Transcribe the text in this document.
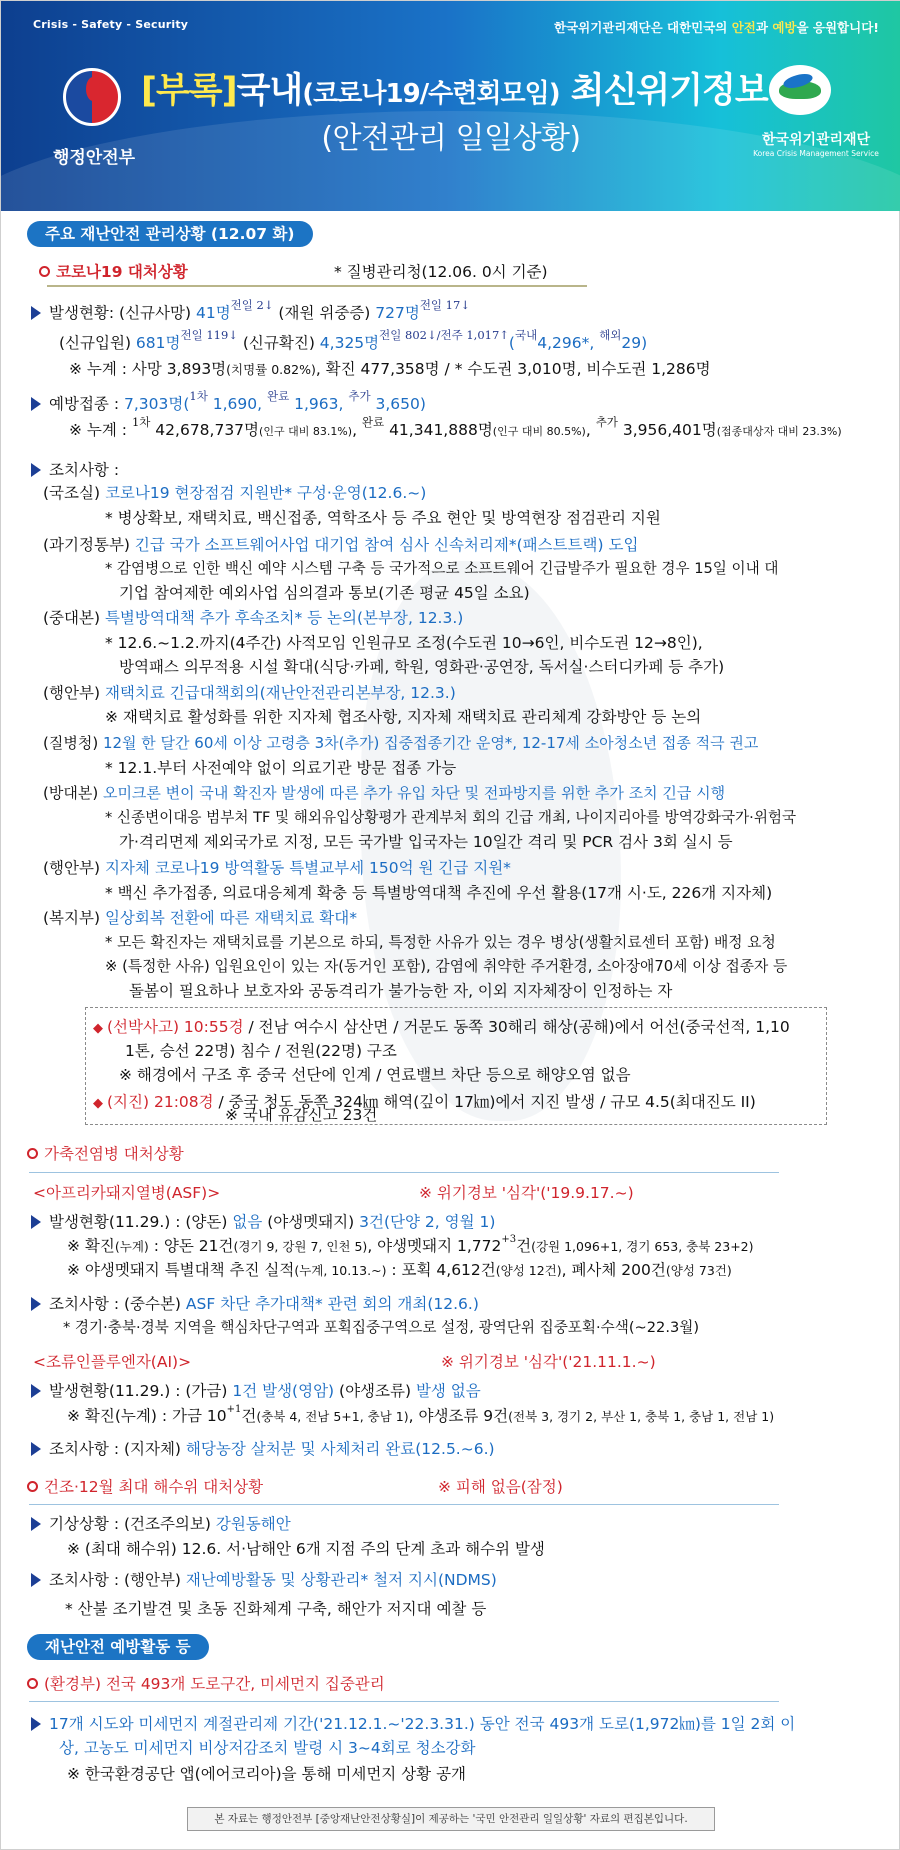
Crisis - Safety - Security	한국위기관리재단은 대한민국의 안전과 예방을 응원합니다!
행정안전부
[부록]국내(코로나19/수련회모임) 최신위기정보
(안전관리 일일상황)	한국위기관리재단
Korea Crisis Management Service
주요 재난안전 관리상황 (12.07 화)
코로나19 대처상황	* 질병관리청(12.06. 0시 기준)
발생현황: (신규사망) 41명$^{전일 2↓}$ (재원 위중증) 727명$^{전일 17↓}$
(신규입원) 681명$^{전일 119↓}$ (신규확진) 4,325명$^{전일 802↓/전주 1,017↑}$($^{국내}$4,296*, $^{해외}$29)
※ 누계 : 사망 3,893명(치명률 0.82%), 확진 477,358명 / * 수도권 3,010명, 비수도권 1,286명
예방접종 : 7,303명($^{1차}$ 1,690, $^{완료}$ 1,963, $^{추가}$ 3,650)
※ 누계 : $^{1차}$ 42,678,737명(인구 대비 83.1%), $^{완료}$ 41,341,888명(인구 대비 80.5%), $^{추가}$ 3,956,401명(접종대상자 대비 23.3%)
조치사항 :
(국조실) 코로나19 현장점검 지원반* 구성·운영(12.6.~)
* 병상확보, 재택치료, 백신접종, 역학조사 등 주요 현안 및 방역현장 점검관리 지원
(과기정통부) 긴급 국가 소프트웨어사업 대기업 참여 심사 신속처리제*(패스트트랙) 도입
* 감염병으로 인한 백신 예약 시스템 구축 등 국가적으로 소프트웨어 긴급발주가 필요한 경우 15일 이내 대
기업 참여제한 예외사업 심의결과 통보(기존 평균 45일 소요)
(중대본) 특별방역대책 추가 후속조치* 등 논의(본부장, 12.3.)
* 12.6.~1.2.까지(4주간) 사적모임 인원규모 조정(수도권 10→6인, 비수도권 12→8인),
방역패스 의무적용 시설 확대(식당·카페, 학원, 영화관·공연장, 독서실·스터디카페 등 추가)
(행안부) 재택치료 긴급대책회의(재난안전관리본부장, 12.3.)
※ 재택치료 활성화를 위한 지자체 협조사항, 지자체 재택치료 관리체계 강화방안 등 논의
(질병청) 12월 한 달간 60세 이상 고령층 3차(추가) 집중접종기간 운영*, 12-17세 소아청소년 접종 적극 권고
* 12.1.부터 사전예약 없이 의료기관 방문 접종 가능
(방대본) 오미크론 변이 국내 확진자 발생에 따른 추가 유입 차단 및 전파방지를 위한 추가 조치 긴급 시행
* 신종변이대응 범부처 TF 및 해외유입상황평가 관계부처 회의 긴급 개최, 나이지리아를 방역강화국가·위험국
가·격리면제 제외국가로 지정, 모든 국가발 입국자는 10일간 격리 및 PCR 검사 3회 실시 등
(행안부) 지자체 코로나19 방역활동 특별교부세 150억 원 긴급 지원*
* 백신 추가접종, 의료대응체계 확충 등 특별방역대책 추진에 우선 활용(17개 시·도, 226개 지자체)
(복지부) 일상회복 전환에 따른 재택치료 확대*
* 모든 확진자는 재택치료를 기본으로 하되, 특정한 사유가 있는 경우 병상(생활치료센터 포함) 배정 요청
※ (특정한 사유) 입원요인이 있는 자(동거인 포함), 감염에 취약한 주거환경, 소아장애70세 이상 접종자 등
돌봄이 필요하나 보호자와 공동격리가 불가능한 자, 이외 지자체장이 인정하는 자
◆ (선박사고) 10:55경 / 전남 여수시 삼산면 / 거문도 동쪽 30해리 해상(공해)에서 어선(중국선적, 1,10
1톤, 승선 22명) 침수 / 전원(22명) 구조
※ 해경에서 구조 후 중국 선단에 인계 / 연료밸브 차단 등으로 해양오염 없음
◆ (지진) 21:08경 / 중국 청도 동쪽 324㎞ 해역(깊이 17㎞)에서 지진 발생 / 규모 4.5(최대진도 II)
※ 국내 유감신고 23건
가축전염병 대처상황
<아프리카돼지열병(ASF)>	※ 위기경보 '심각'('19.9.17.~)
발생현황(11.29.) : (양돈) 없음 (야생멧돼지) 3건(단양 2, 영월 1)
※ 확진(누계) : 양돈 21건(경기 9, 강원 7, 인천 5), 야생멧돼지 $1,772^{+3}$건(강원 1,096+1, 경기 653, 충북 23+2)
※ 야생멧돼지 특별대책 추진 실적(누계, 10.13.~) : 포획 4,612건(양성 12건), 폐사체 200건(양성 73건)
조치사항 : (중수본) ASF 차단 추가대책* 관련 회의 개최(12.6.)
* 경기·충북·경북 지역을 핵심차단구역과 포획집중구역으로 설정, 광역단위 집중포획·수색(~22.3월)
<조류인플루엔자(AI)>	※ 위기경보 '심각'('21.11.1.~)
발생현황(11.29.) : (가금) 1건 발생(영암) (야생조류) 발생 없음
※ 확진(누계) : 가금 $10^{+1}$건(충북 4, 전남 5+1, 충남 1), 야생조류 9건(전북 3, 경기 2, 부산 1, 충북 1, 충남 1, 전남 1)
조치사항 : (지자체) 해당농장 살처분 및 사체처리 완료(12.5.~6.)
건조·12월 최대 해수위 대처상황	※ 피해 없음(잠정)
기상상황 : (건조주의보) 강원동해안
※ (최대 해수위) 12.6. 서·남해안 6개 지점 주의 단계 초과 해수위 발생
조치사항 : (행안부) 재난예방활동 및 상황관리* 철저 지시(NDMS)
* 산불 조기발견 및 초동 진화체계 구축, 해안가 저지대 예찰 등
재난안전 예방활동 등
(환경부) 전국 493개 도로구간, 미세먼지 집중관리
17개 시도와 미세먼지 계절관리제 기간('21.12.1.~'22.3.31.) 동안 전국 493개 도로(1,972㎞)를 1일 2회 이
상, 고농도 미세먼지 비상저감조치 발령 시 3~4회로 청소강화
※ 한국환경공단 앱(에어코리아)을 통해 미세먼지 상황 공개
본 자료는 행정안전부 [중앙재난안전상황실]이 제공하는 '국민 안전관리 일일상황' 자료의 편집본입니다.
